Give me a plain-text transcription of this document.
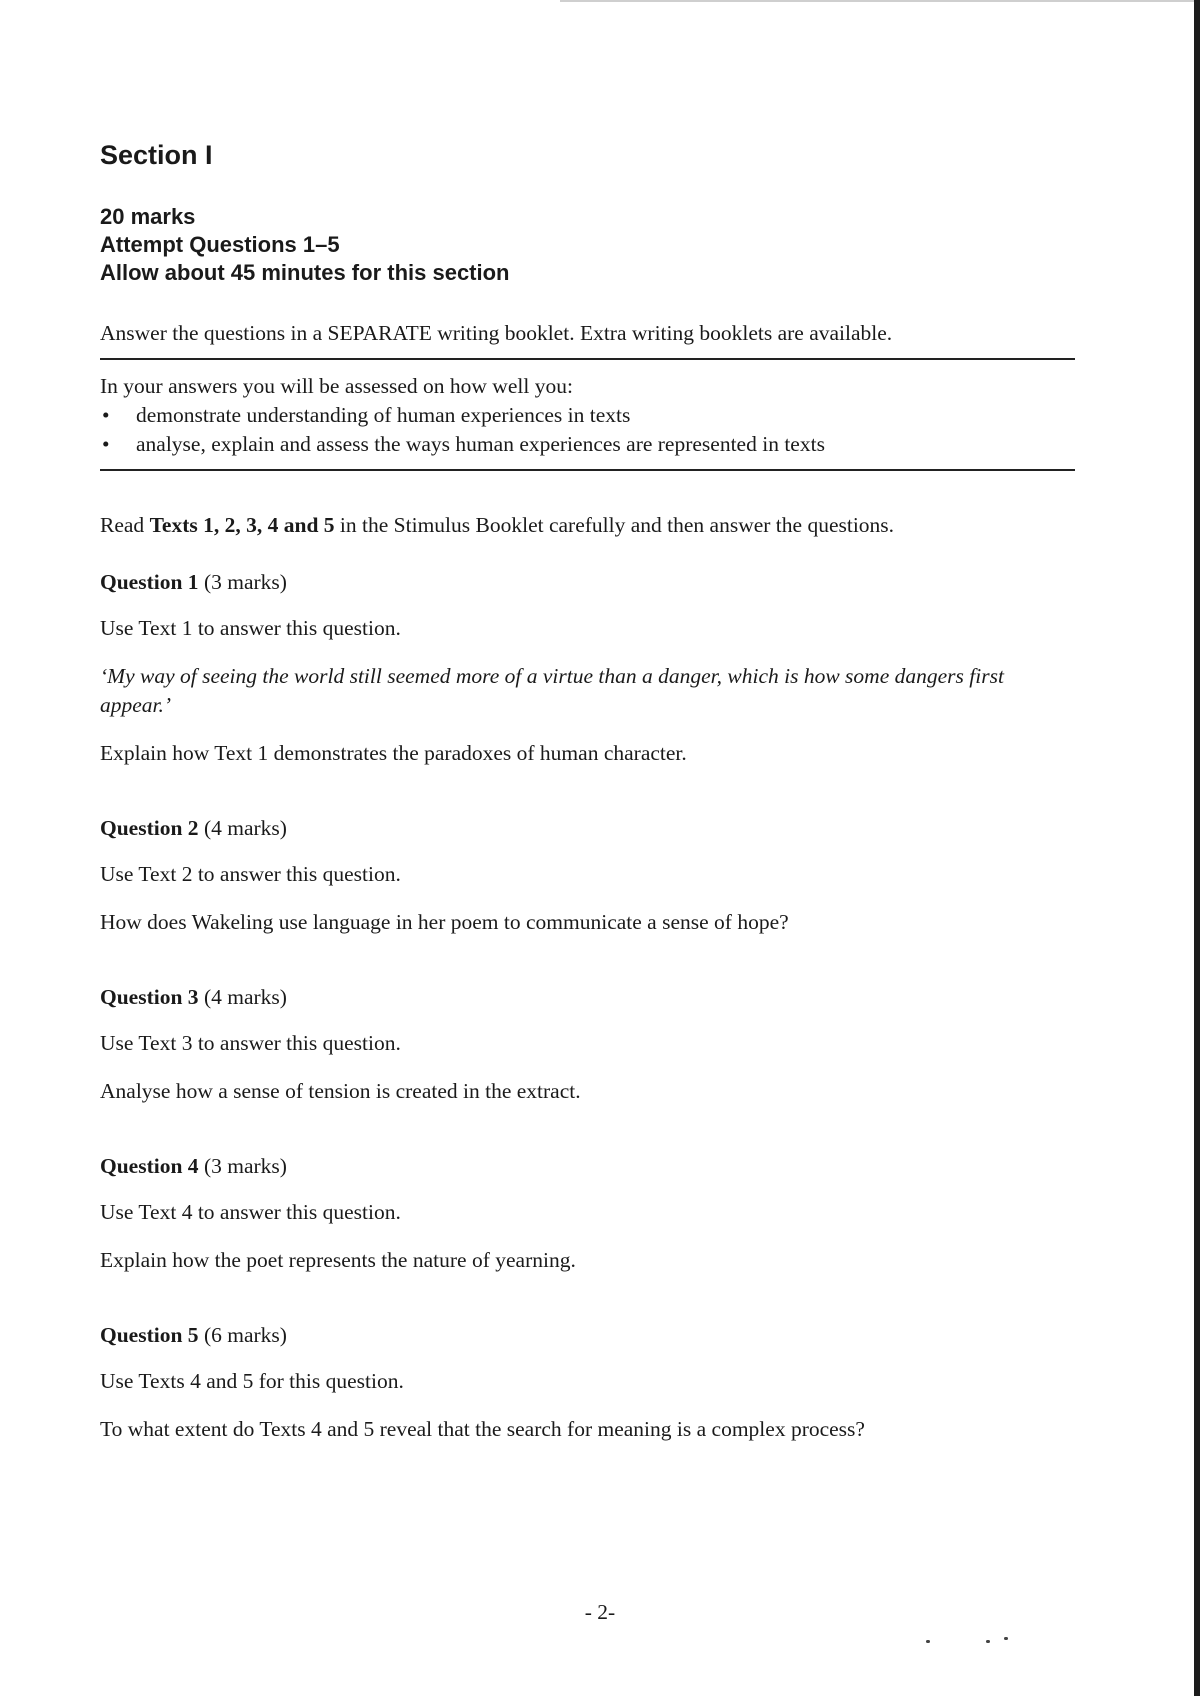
Section I

20 marks

Attempt Questions 1–5

Allow about 45 minutes for this section

Answer the questions in a SEPARATE writing booklet. Extra writing booklets are available.
In your answers you will be assessed on how well you:
• demonstrate understanding of human experiences in texts
• analyse, explain and assess the ways human experiences are represented in texts
Read Texts 1, 2, 3, 4 and 5 in the Stimulus Booklet carefully and then answer the questions.

Question 1 (3 marks)

Use Text 1 to answer this question.

‘My way of seeing the world still seemed more of a virtue than a danger, which is how some dangers first appear.’

Explain how Text 1 demonstrates the paradoxes of human character.

Question 2 (4 marks)

Use Text 2 to answer this question.

How does Wakeling use language in her poem to communicate a sense of hope?

Question 3 (4 marks)

Use Text 3 to answer this question.

Analyse how a sense of tension is created in the extract.

Question 4 (3 marks)

Use Text 4 to answer this question.

Explain how the poet represents the nature of yearning.

Question 5 (6 marks)

Use Texts 4 and 5 for this question.

To what extent do Texts 4 and 5 reveal that the search for meaning is a complex process?

- 2-
